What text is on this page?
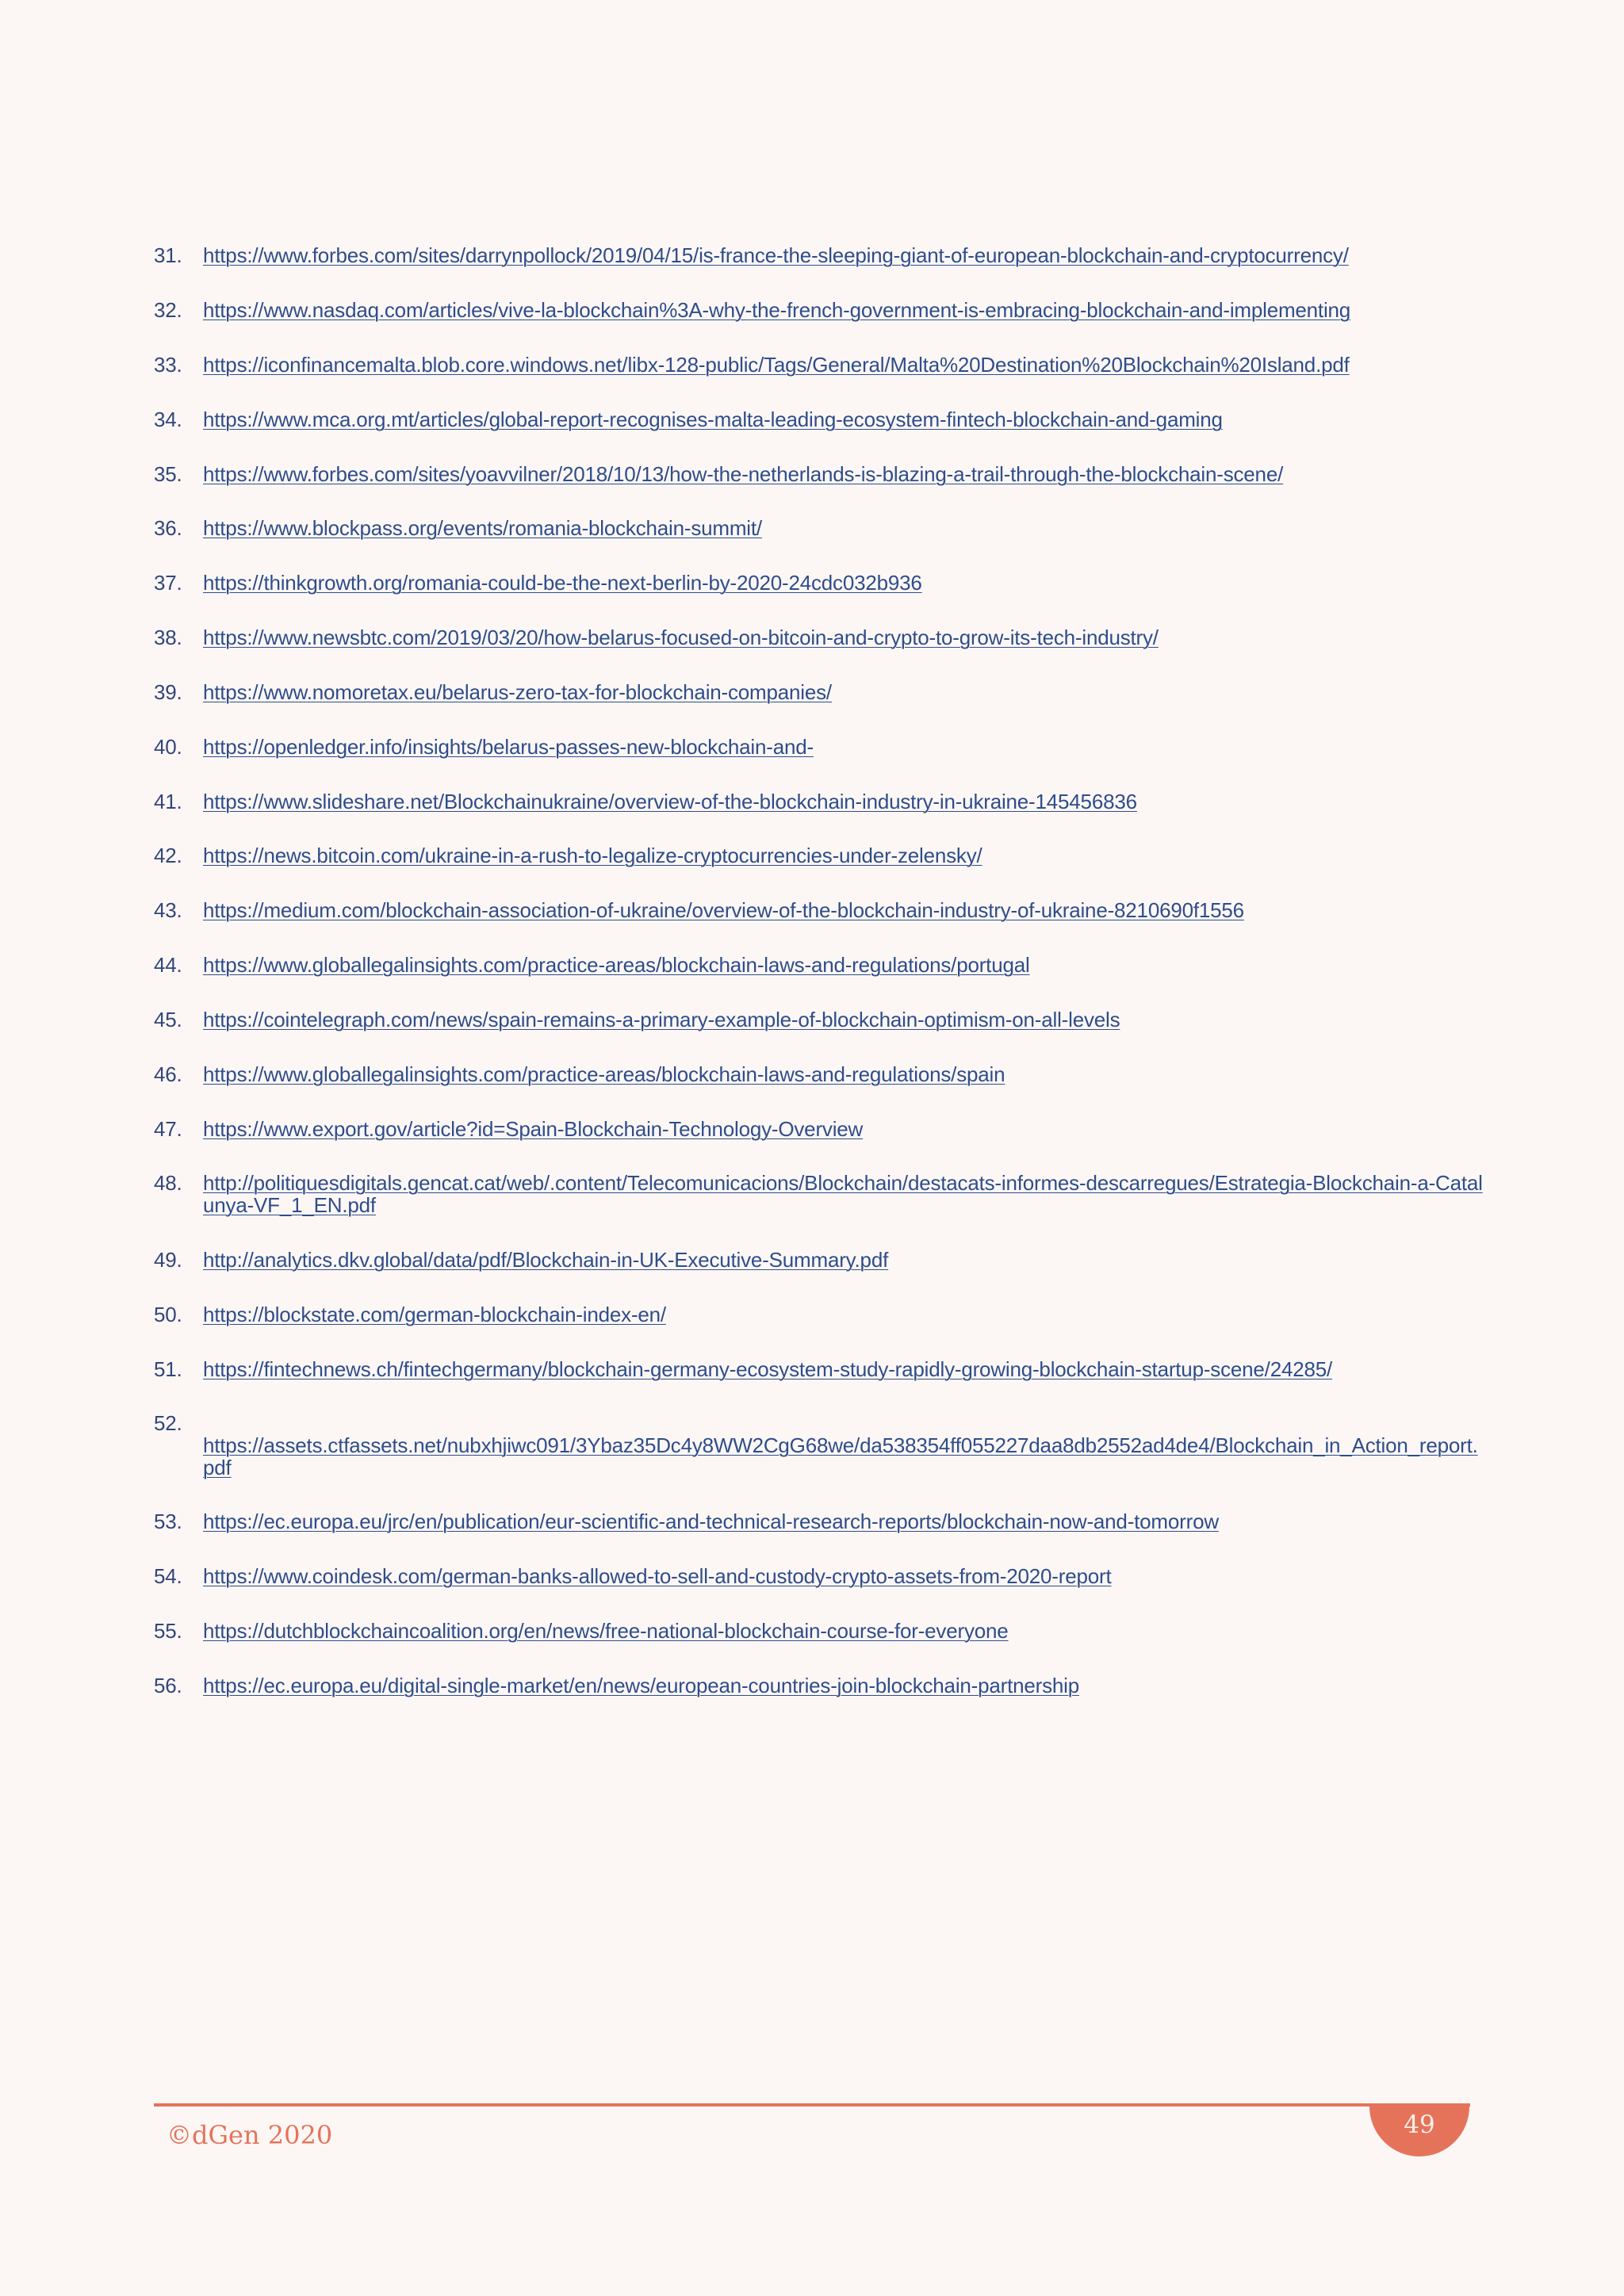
31.	https://www.forbes.com/sites/darrynpollock/2019/04/15/is-france-the-sleeping-giant-of-european-blockchain-and-cryptocurrency/
32.	https://www.nasdaq.com/articles/vive-la-blockchain%3A-why-the-french-government-is-embracing-blockchain-and-implementing
33.	https://iconfinancemalta.blob.core.windows.net/libx-128-public/Tags/General/Malta%20Destination%20Blockchain%20Island.pdf
34.	https://www.mca.org.mt/articles/global-report-recognises-malta-leading-ecosystem-fintech-blockchain-and-gaming
35.	https://www.forbes.com/sites/yoavvilner/2018/10/13/how-the-netherlands-is-blazing-a-trail-through-the-blockchain-scene/
36.	https://www.blockpass.org/events/romania-blockchain-summit/
37.	https://thinkgrowth.org/romania-could-be-the-next-berlin-by-2020-24cdc032b936
38.	https://www.newsbtc.com/2019/03/20/how-belarus-focused-on-bitcoin-and-crypto-to-grow-its-tech-industry/
39.	https://www.nomoretax.eu/belarus-zero-tax-for-blockchain-companies/
40.	https://openledger.info/insights/belarus-passes-new-blockchain-and-
41.	https://www.slideshare.net/Blockchainukraine/overview-of-the-blockchain-industry-in-ukraine-145456836
42.	https://news.bitcoin.com/ukraine-in-a-rush-to-legalize-cryptocurrencies-under-zelensky/
43.	https://medium.com/blockchain-association-of-ukraine/overview-of-the-blockchain-industry-of-ukraine-8210690f1556
44.	https://www.globallegalinsights.com/practice-areas/blockchain-laws-and-regulations/portugal
45.	https://cointelegraph.com/news/spain-remains-a-primary-example-of-blockchain-optimism-on-all-levels
46.	https://www.globallegalinsights.com/practice-areas/blockchain-laws-and-regulations/spain
47.	https://www.export.gov/article?id=Spain-Blockchain-Technology-Overview
48.	http://politiquesdigitals.gencat.cat/web/.content/Telecomunicacions/Blockchain/destacats-informes-descarregues/Estrategia-Blockchain-a-Catalunya-VF_1_EN.pdf
49.	http://analytics.dkv.global/data/pdf/Blockchain-in-UK-Executive-Summary.pdf
50.	https://blockstate.com/german-blockchain-index-en/
51.	https://fintechnews.ch/fintechgermany/blockchain-germany-ecosystem-study-rapidly-growing-blockchain-startup-scene/24285/
52.
https://assets.ctfassets.net/nubxhjiwc091/3Ybaz35Dc4y8WW2CgG68we/da538354ff055227daa8db2552ad4de4/Blockchain_in_Action_report.pdf
53.	https://ec.europa.eu/jrc/en/publication/eur-scientific-and-technical-research-reports/blockchain-now-and-tomorrow
54.	https://www.coindesk.com/german-banks-allowed-to-sell-and-custody-crypto-assets-from-2020-report
55.	https://dutchblockchaincoalition.org/en/news/free-national-blockchain-course-for-everyone
56.	https://ec.europa.eu/digital-single-market/en/news/european-countries-join-blockchain-partnership
©dGen 2020	49
